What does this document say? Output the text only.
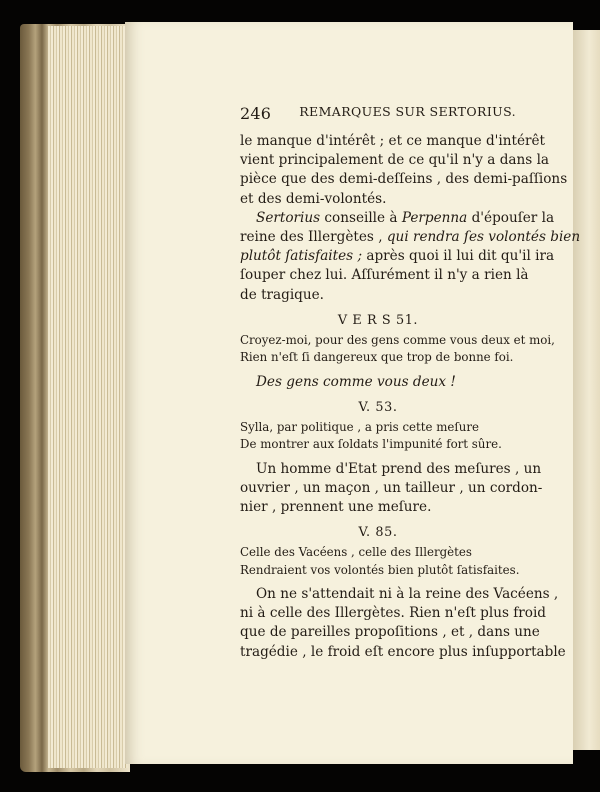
246 REMARQUES SUR SERTORIUS.
le manque d'intérêt ; et ce manque d'intérêt
vient principalement de ce qu'il n'y a dans la
pièce que des demi-deſſeins , des demi-paſſions
et des demi-volontés.
Sertorius conseille à Perpenna d'épouſer la
reine des Illergètes , qui rendra ſes volontés bien
plutôt ſatisfaites ; après quoi il lui dit qu'il ira
ſouper chez lui. Aſſurément il n'y a rien là
de tragique.
V E R S 51.
Croyez-moi, pour des gens comme vous deux et moi,
Rien n'eſt ſi dangereux que trop de bonne foi.
Des gens comme vous deux !
V. 53.
Sylla, par politique , a pris cette meſure
De montrer aux ſoldats l'impunité fort sûre.
Un homme d'Etat prend des meſures , un
ouvrier , un maçon , un tailleur , un cordon-
nier , prennent une meſure.
V. 85.
Celle des Vacéens , celle des Illergètes
Rendraient vos volontés bien plutôt ſatisfaites.
On ne s'attendait ni à la reine des Vacéens ,
ni à celle des Illergètes. Rien n'eſt plus froid
que de pareilles propoſitions , et , dans une
tragédie , le froid eſt encore plus inſupportable
